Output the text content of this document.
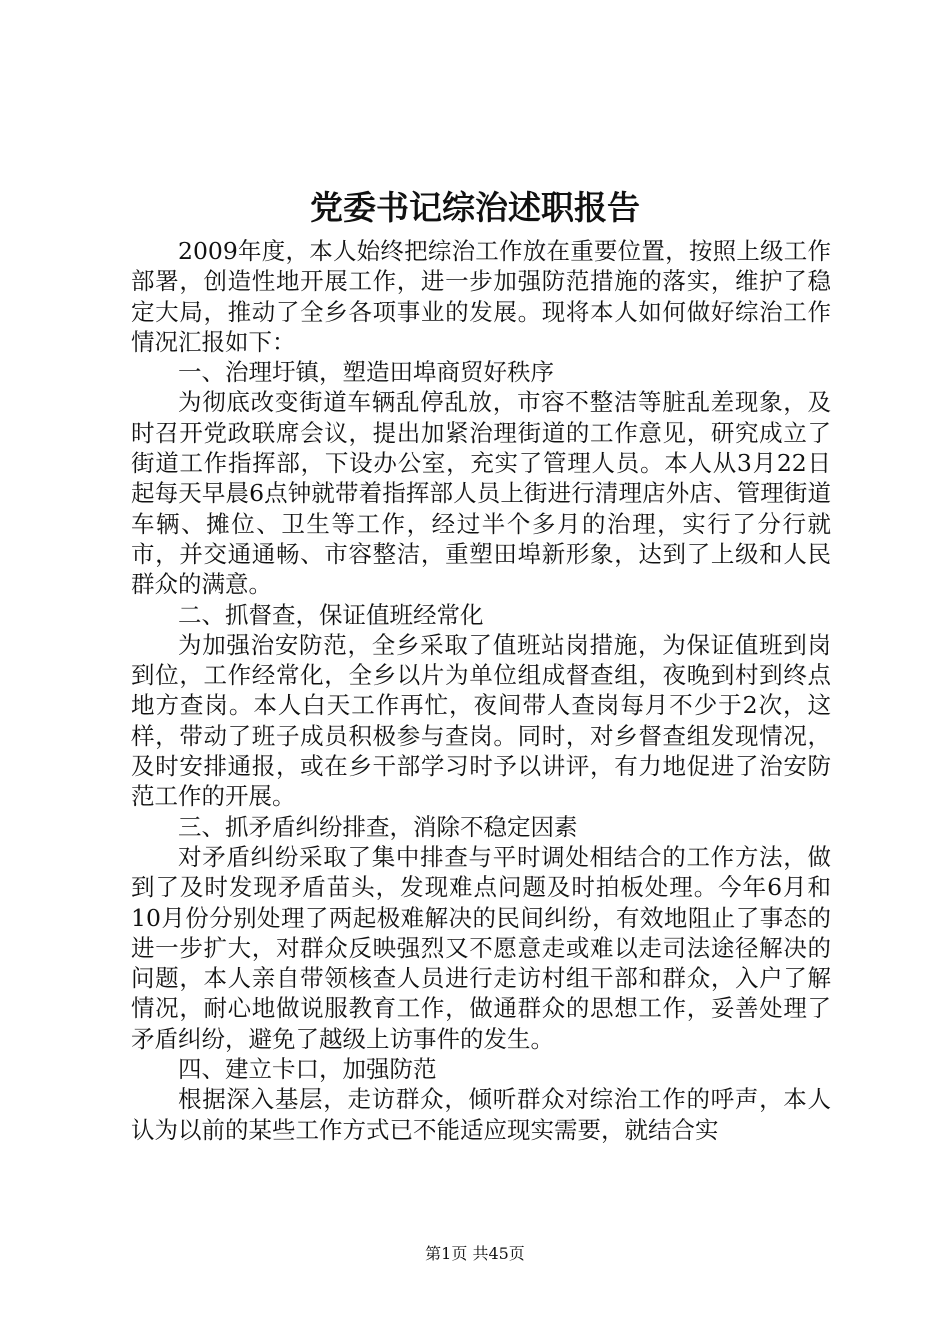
党委书记综治述职报告

2009年度，本人始终把综治工作放在重要位置，按照上级工作部署，创造性地开展工作，进一步加强防范措施的落实，维护了稳定大局，推动了全乡各项事业的发展。现将本人如何做好综治工作情况汇报如下：

一、治理圩镇，塑造田埠商贸好秩序

为彻底改变街道车辆乱停乱放，市容不整洁等脏乱差现象，及时召开党政联席会议，提出加紧治理街道的工作意见，研究成立了街道工作指挥部，下设办公室，充实了管理人员。本人从3月22日起每天早晨6点钟就带着指挥部人员上街进行清理店外店、管理街道车辆、摊位、卫生等工作，经过半个多月的治理，实行了分行就市，并交通通畅、市容整洁，重塑田埠新形象，达到了上级和人民群众的满意。

二、抓督查，保证值班经常化

为加强治安防范，全乡采取了值班站岗措施，为保证值班到岗到位，工作经常化，全乡以片为单位组成督查组，夜晚到村到终点地方查岗。本人白天工作再忙，夜间带人查岗每月不少于2次，这样，带动了班子成员积极参与查岗。同时，对乡督查组发现情况，及时安排通报，或在乡干部学习时予以讲评，有力地促进了治安防范工作的开展。

三、抓矛盾纠纷排查，消除不稳定因素

对矛盾纠纷采取了集中排查与平时调处相结合的工作方法，做到了及时发现矛盾苗头，发现难点问题及时拍板处理。今年6月和10月份分别处理了两起极难解决的民间纠纷，有效地阻止了事态的进一步扩大，对群众反映强烈又不愿意走或难以走司法途径解决的问题，本人亲自带领核查人员进行走访村组干部和群众，入户了解情况，耐心地做说服教育工作，做通群众的思想工作，妥善处理了矛盾纠纷，避免了越级上访事件的发生。

四、建立卡口，加强防范

根据深入基层，走访群众，倾听群众对综治工作的呼声，本人认为以前的某些工作方式已不能适应现实需要，就结合实

第1页 共45页
